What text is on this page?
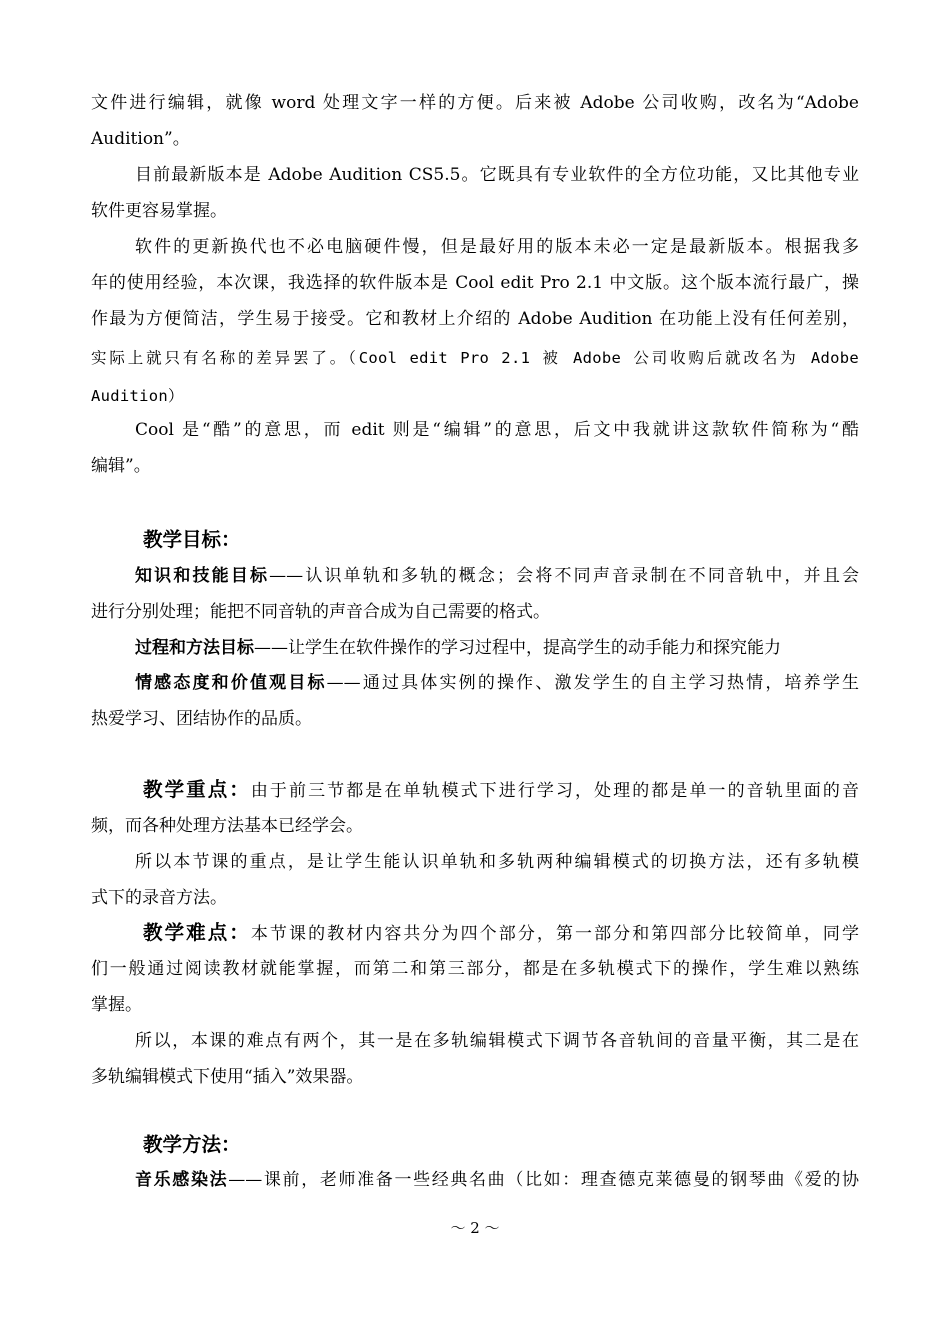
文件进行编辑，就像 word 处理文字一样的方便。后来被 Adobe 公司收购，改名为“Adobe
Audition”。
目前最新版本是 Adobe Audition CS5.5。它既具有专业软件的全方位功能，又比其他专业
软件更容易掌握。
软件的更新换代也不必电脑硬件慢，但是最好用的版本未必一定是最新版本。根据我多
年的使用经验，本次课，我选择的软件版本是 Cool edit Pro 2.1 中文版。这个版本流行最广，操
作最为方便简洁，学生易于接受。它和教材上介绍的 Adobe Audition 在功能上没有任何差别，
实际上就只有名称的差异罢了。（Cool edit Pro 2.1 被 Adobe 公司收购后就改名为 Adobe
Audition）
Cool 是“酷”的意思，而 edit 则是“编辑”的意思，后文中我就讲这款软件简称为“酷
编辑”。
教学目标：
知识和技能目标——认识单轨和多轨的概念；会将不同声音录制在不同音轨中，并且会
进行分别处理；能把不同音轨的声音合成为自己需要的格式。
过程和方法目标——让学生在软件操作的学习过程中，提高学生的动手能力和探究能力
情感态度和价值观目标——通过具体实例的操作、激发学生的自主学习热情，培养学生
热爱学习、团结协作的品质。
教学重点：由于前三节都是在单轨模式下进行学习，处理的都是单一的音轨里面的音
频，而各种处理方法基本已经学会。
所以本节课的重点，是让学生能认识单轨和多轨两种编辑模式的切换方法，还有多轨模
式下的录音方法。
教学难点：本节课的教材内容共分为四个部分，第一部分和第四部分比较简单，同学
们一般通过阅读教材就能掌握，而第二和第三部分，都是在多轨模式下的操作，学生难以熟练
掌握。
所以，本课的难点有两个，其一是在多轨编辑模式下调节各音轨间的音量平衡，其二是在
多轨编辑模式下使用“插入”效果器。
教学方法：
音乐感染法——课前，老师准备一些经典名曲（比如：理查德克莱德曼的钢琴曲《爱的协
～ 2 ～
